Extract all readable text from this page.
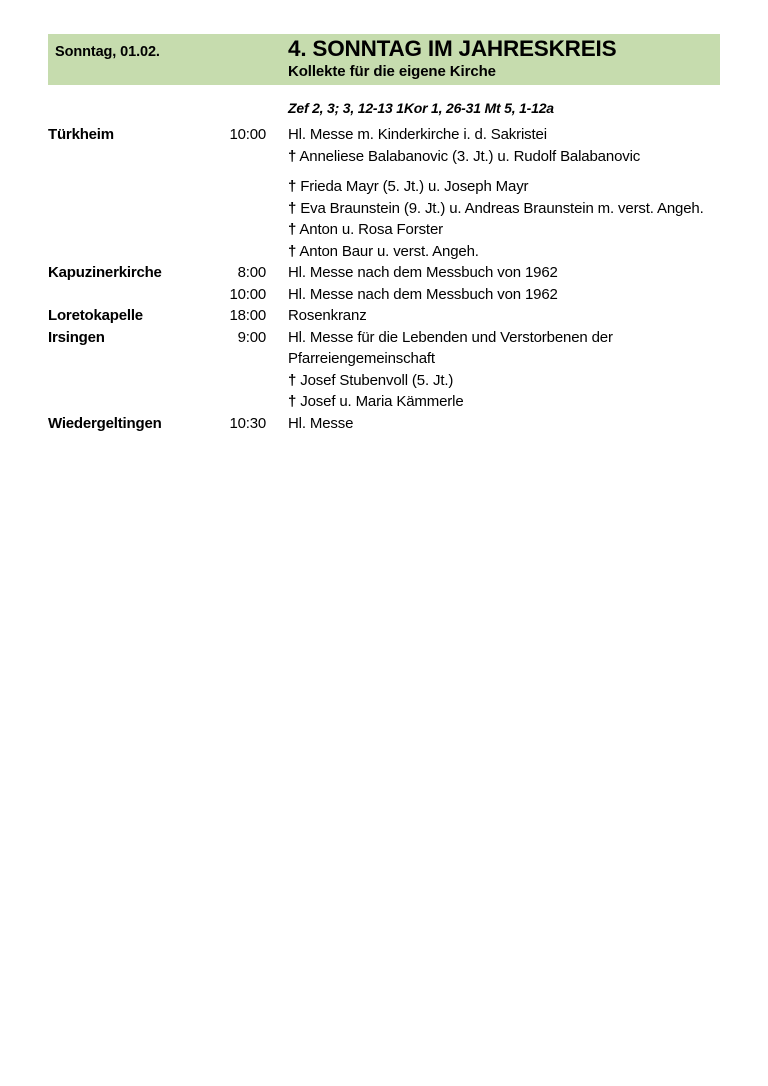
Sonntag, 01.02.	4. SONNTAG IM JAHRESKREIS
Kollekte für die eigene Kirche
Zef 2, 3; 3, 12-13 1Kor 1, 26-31 Mt 5, 1-12a
Türkheim	10:00 Hl. Messe m. Kinderkirche i. d. Sakristei
† Anneliese Balabanovic (3. Jt.) u. Rudolf Balabanovic
† Frieda Mayr (5. Jt.) u. Joseph Mayr
† Eva Braunstein (9. Jt.) u. Andreas Braunstein m. verst. Angeh.
† Anton u. Rosa Forster
† Anton Baur u. verst. Angeh.
Kapuzinerkirche	8:00 Hl. Messe nach dem Messbuch von 1962
10:00 Hl. Messe nach dem Messbuch von 1962
Loretokapelle	18:00 Rosenkranz
Irsingen	9:00 Hl. Messe für die Lebenden und Verstorbenen der Pfarreiengemeinschaft
† Josef Stubenvoll (5. Jt.)
† Josef u. Maria Kämmerle
Wiedergeltingen	10:30 Hl. Messe
